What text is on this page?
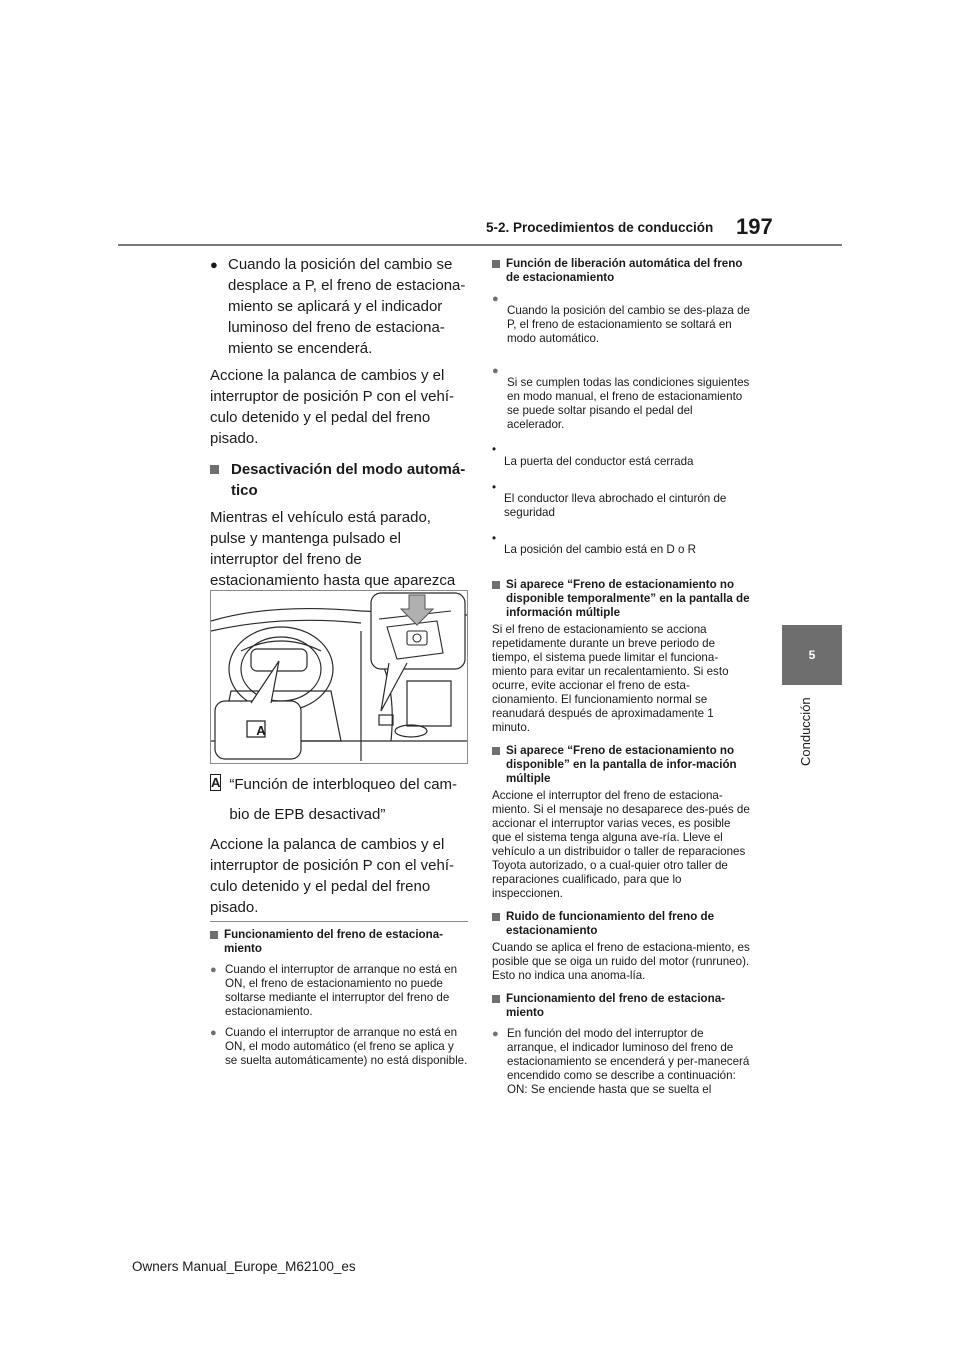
5-2. Procedimientos de conducción 197
5
Conducción
● Cuando la posición del cambio se desplace a P, el freno de estaciona-miento se aplicará y el indicador luminoso del freno de estaciona-miento se encenderá.

Accione la palanca de cambios y el interruptor de posición P con el vehí-culo detenido y el pedal del freno pisado.

Desactivación del modo automá-tico

Mientras el vehículo está parado, pulse y mantenga pulsado el interruptor del freno de estacionamiento hasta que aparezca

A
A “Función de interbloqueo del cam-bio de EPB desactivad”

Accione la palanca de cambios y el interruptor de posición P con el vehí-culo detenido y el pedal del freno pisado.

Funcionamiento del freno de estaciona-miento
● Cuando el interruptor de arranque no está en ON, el freno de estacionamiento no puede soltarse mediante el interruptor del freno de estacionamiento.

● Cuando el interruptor de arranque no está en ON, el modo automático (el freno se aplica y se suelta automáticamente) no está disponible.

Función de liberación automática del freno de estacionamiento
●

Cuando la posición del cambio se des-plaza de P, el freno de estacionamiento se soltará en modo automático.

●

Si se cumplen todas las condiciones siguientes en modo manual, el freno de estacionamiento se puede soltar pisando el pedal del acelerador.

•

La puerta del conductor está cerrada

•

El conductor lleva abrochado el cinturón de seguridad

•

La posición del cambio está en D o R

Si aparece “Freno de estacionamiento no disponible temporalmente” en la pantalla de información múltiple

Si el freno de estacionamiento se acciona repetidamente durante un breve periodo de tiempo, el sistema puede limitar el funciona-miento para evitar un recalentamiento. Si esto ocurre, evite accionar el freno de esta-cionamiento. El funcionamiento normal se reanudará después de aproximadamente 1 minuto.

Si aparece “Freno de estacionamiento no disponible” en la pantalla de infor-mación múltiple

Accione el interruptor del freno de estaciona-miento. Si el mensaje no desaparece des-pués de accionar el interruptor varias veces, es posible que el sistema tenga alguna ave-ría. Lleve el vehículo a un distribuidor o taller de reparaciones Toyota autorizado, o a cual-quier otro taller de reparaciones cualificado, para que lo inspeccionen.

Ruido de funcionamiento del freno de estacionamiento

Cuando se aplica el freno de estaciona-miento, es posible que se oiga un ruido del motor (runruneo). Esto no indica una anoma-lía.

Funcionamiento del freno de estaciona-miento
● En función del modo del interruptor de arranque, el indicador luminoso del freno de estacionamiento se encenderá y per-manecerá encendido como se describe a continuación:

ON: Se enciende hasta que se suelta el

Owners Manual_Europe_M62100_es
